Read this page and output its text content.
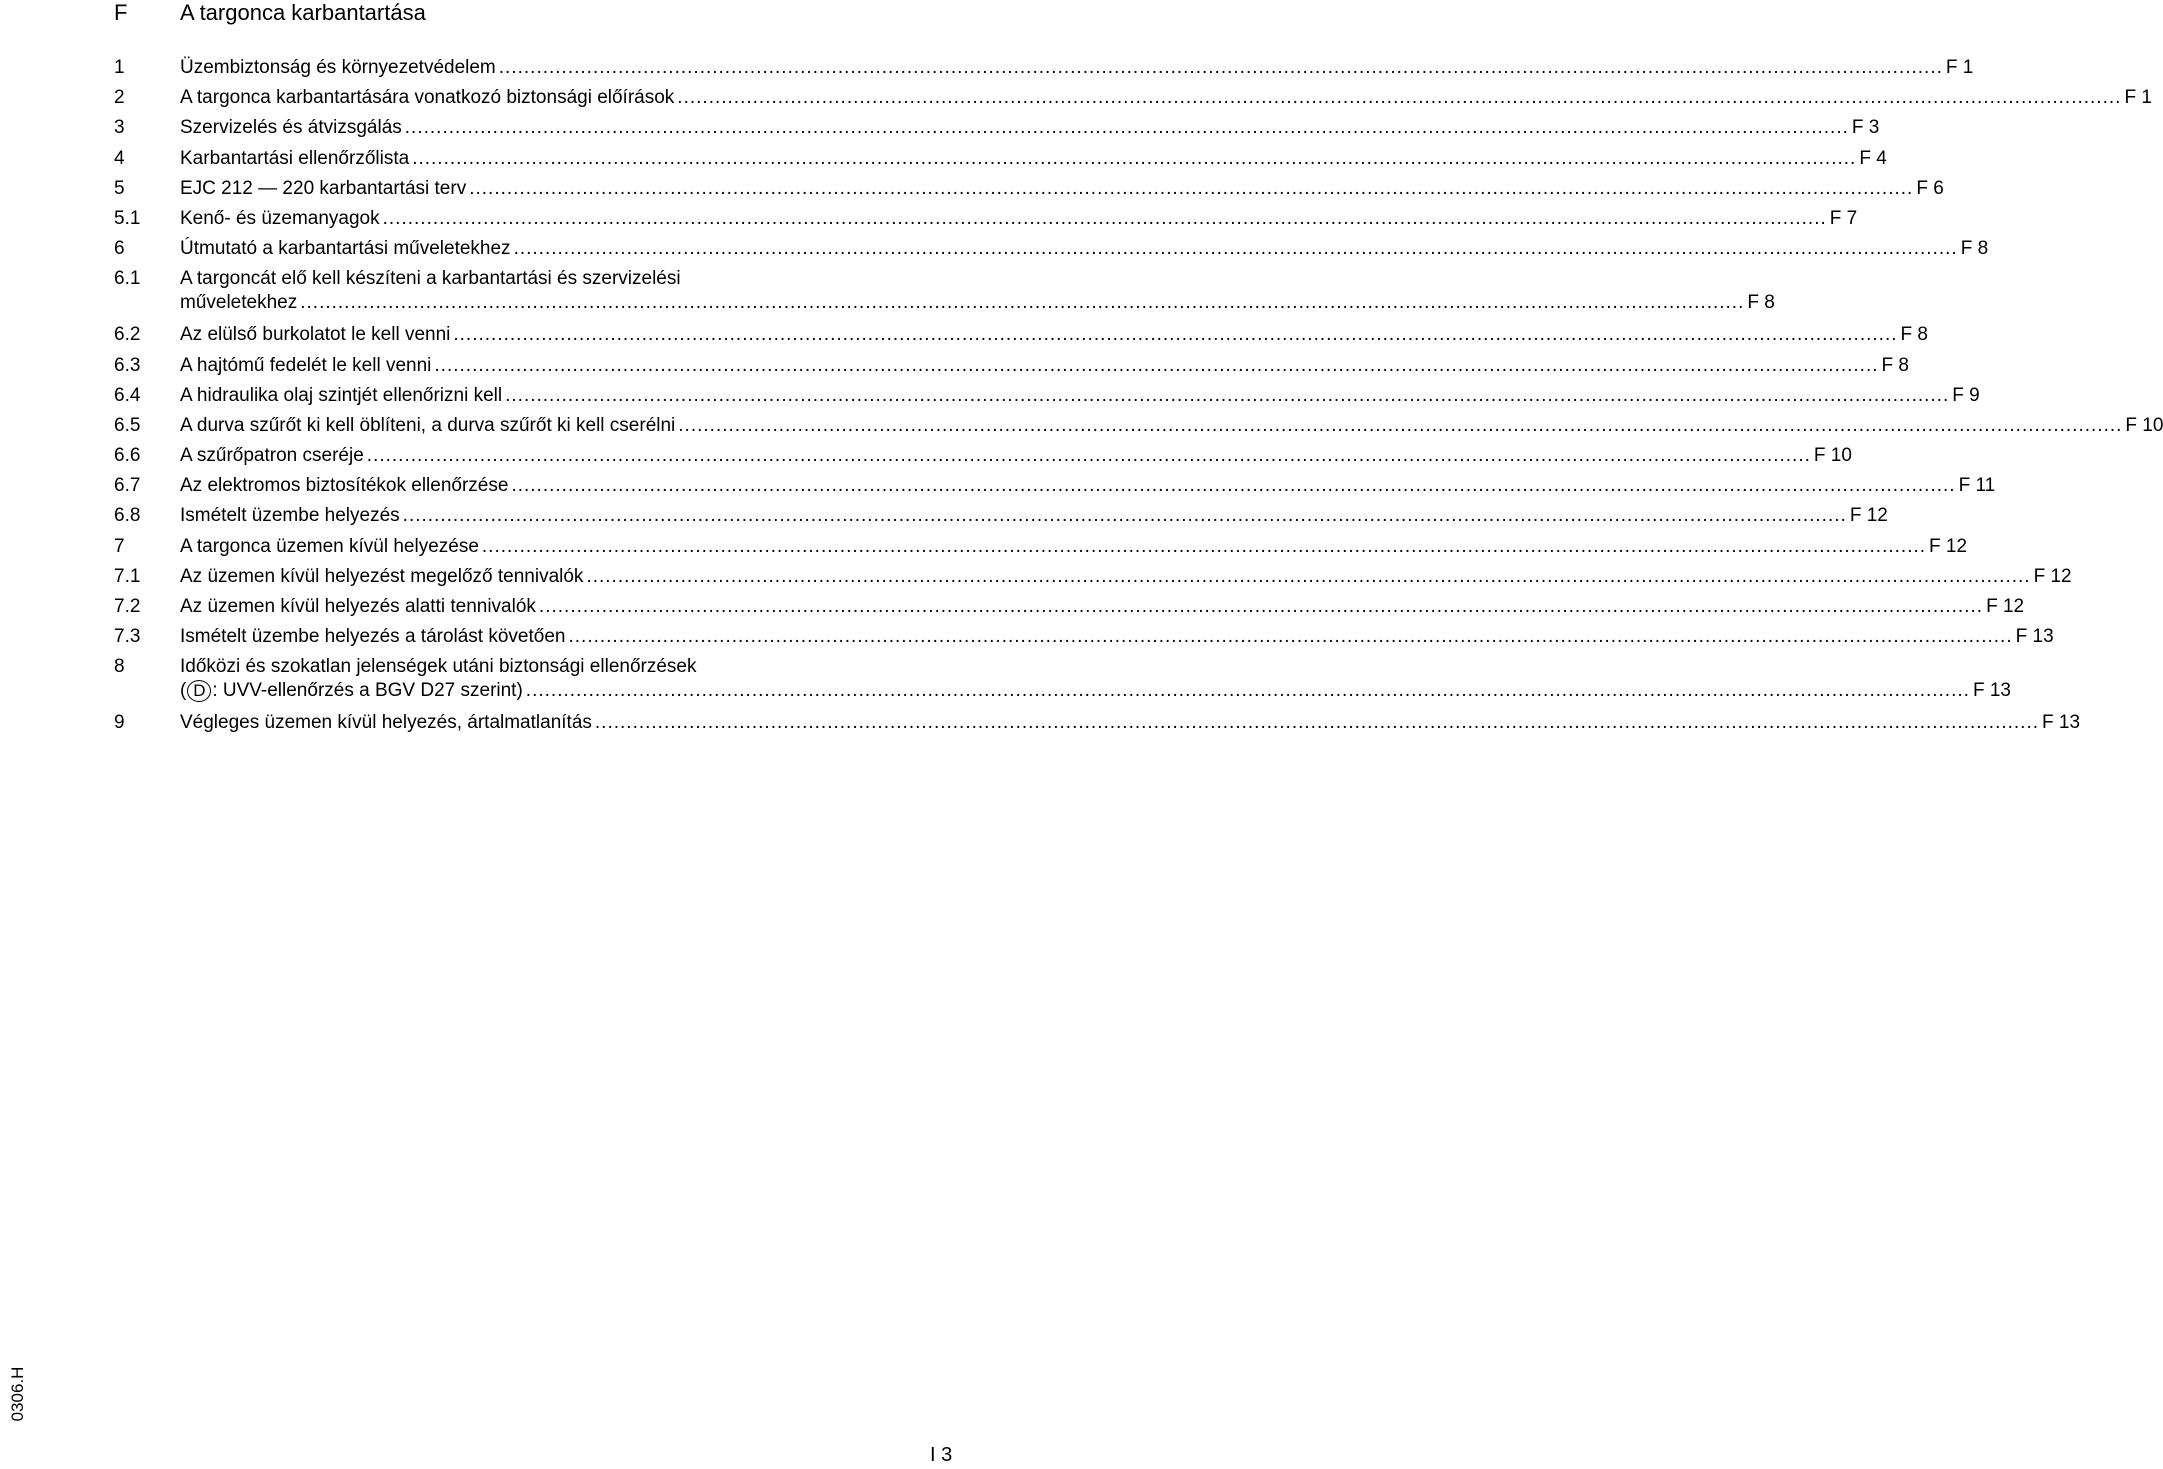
F	A targonca karbantartása
1	Üzembiztonság és környezetvédelem .....	F 1
2	A targonca karbantartására vonatkozó biztonsági előírások .....	F 1
3	Szervizelés és átvizsgálás .....	F 3
4	Karbantartási ellenőrzőlista .....	F 4
5	EJC 212 — 220 karbantartási terv .....	F 6
5.1	Kenő- és üzemanyagok .....	F 7
6	Útmutató a karbantartási műveletekhez .....	F 8
6.1	A targoncát elő kell készíteni a karbantartási és szervizelési
műveletekhez .....	F 8
6.2	Az elülső burkolatot le kell venni .....	F 8
6.3	A hajtómű fedelét le kell venni .....	F 8
6.4	A hidraulika olaj szintjét ellenőrizni kell .....	F 9
6.5	A durva szűrőt ki kell öblíteni, a durva szűrőt ki kell cserélni .....	F 10
6.6	A szűrőpatron cseréje .....	F 10
6.7	Az elektromos biztosítékok ellenőrzése .....	F 11
6.8	Ismételt üzembe helyezés .....	F 12
7	A targonca üzemen kívül helyezése .....	F 12
7.1	Az üzemen kívül helyezést megelőző tennivalók .....	F 12
7.2	Az üzemen kívül helyezés alatti tennivalók .....	F 12
7.3	Ismételt üzembe helyezés a tárolást követően .....	F 13
8	Időközi és szokatlan jelenségek utáni biztonsági ellenőrzések
( D : UVV-ellenőrzés a BGV D27 szerint) .....	F 13
9	Végleges üzemen kívül helyezés, ártalmatlanítás .....	F 13
0306.H
I 3
